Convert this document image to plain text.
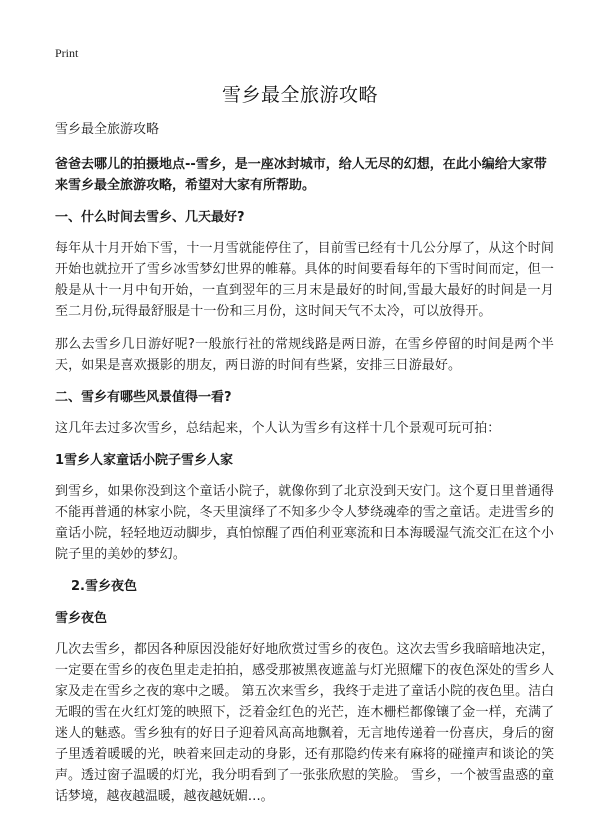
Print
雪乡最全旅游攻略
雪乡最全旅游攻略
爸爸去哪儿的拍摄地点--雪乡，是一座冰封城市，给人无尽的幻想，在此小编给大家带来雪乡最全旅游攻略，希望对大家有所帮助。
一、什么时间去雪乡、几天最好?
每年从十月开始下雪，十一月雪就能停住了，目前雪已经有十几公分厚了，从这个时间开始也就拉开了雪乡冰雪梦幻世界的帷幕。具体的时间要看每年的下雪时间而定，但一般是从十一月中旬开始，一直到翌年的三月末是最好的时间,雪最大最好的时间是一月至二月份,玩得最舒服是十一份和三月份，这时间天气不太冷，可以放得开。
那么去雪乡几日游好呢?一般旅行社的常规线路是两日游，在雪乡停留的时间是两个半天，如果是喜欢摄影的朋友，两日游的时间有些紧，安排三日游最好。
二、雪乡有哪些风景值得一看?
这几年去过多次雪乡，总结起来，个人认为雪乡有这样十几个景观可玩可拍：
1雪乡人家童话小院子雪乡人家
到雪乡，如果你没到这个童话小院子，就像你到了北京没到天安门。这个夏日里普通得不能再普通的林家小院，冬天里演绎了不知多少令人梦绕魂牵的雪之童话。走进雪乡的童话小院，轻轻地迈动脚步，真怕惊醒了西伯利亚寒流和日本海暖湿气流交汇在这个小院子里的美妙的梦幻。
2.雪乡夜色
雪乡夜色
几次去雪乡，都因各种原因没能好好地欣赏过雪乡的夜色。这次去雪乡我暗暗地决定，一定要在雪乡的夜色里走走拍拍，感受那被黑夜遮盖与灯光照耀下的夜色深处的雪乡人家及走在雪乡之夜的寒中之暖。 第五次来雪乡，我终于走进了童话小院的夜色里。洁白无暇的雪在火红灯笼的映照下，泛着金红色的光芒，连木栅栏都像镶了金一样，充满了迷人的魅惑。雪乡独有的好日子迎着风高高地飘着，无言地传递着一份喜庆，身后的窗子里透着暖暖的光，映着来回走动的身影，还有那隐约传来有麻将的碰撞声和谈论的笑声。透过窗子温暖的灯光，我分明看到了一张张欣慰的笑脸。 雪乡，一个被雪蛊惑的童话梦境，越夜越温暖，越夜越妩媚…。
